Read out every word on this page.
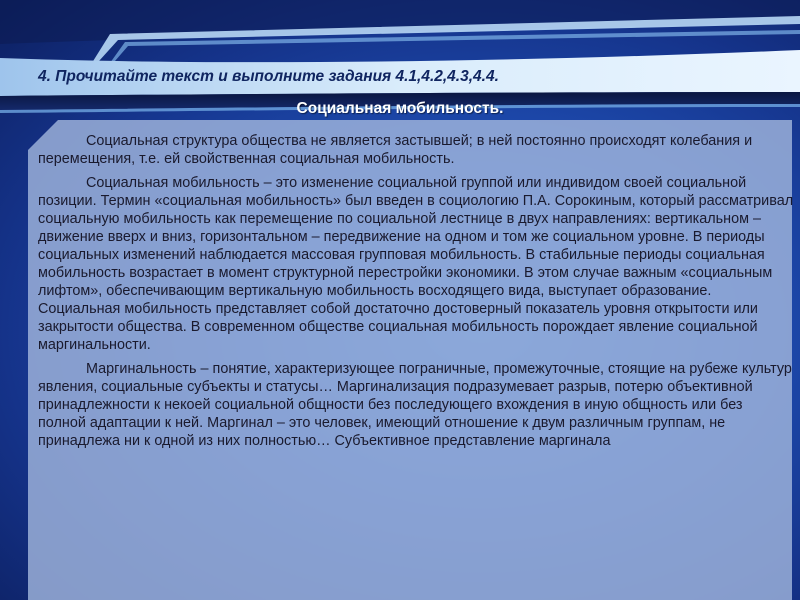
4. Прочитайте текст и выполните задания 4.1,4.2,4.3,4.4.
Социальная мобильность.

Социальная структура общества не является застывшей; в ней постоянно происходят колебания и перемещения, т.е. ей свойственная социальная мобильность.

Социальная мобильность – это изменение социальной группой или индивидом своей социальной позиции. Термин «социальная мобильность» был введен в социологию П.А. Сорокиным, который рассматривал социальную мобильность как перемещение по социальной лестнице в двух направлениях: вертикальном – движение вверх и вниз, горизонтальном – передвижение на одном и том же социальном уровне. В периоды социальных изменений наблюдается массовая групповая мобильность. В стабильные периоды социальная мобильность возрастает в момент структурной перестройки экономики. В этом случае важным «социальным лифтом», обеспечивающим вертикальную мобильность восходящего вида, выступает образование. Социальная мобильность представляет собой достаточно достоверный показатель уровня открытости или закрытости общества. В современном обществе социальная мобильность порождает явление социальной маргинальности.

Маргинальность – понятие, характеризующее пограничные, промежуточные, стоящие на рубеже культур явления, социальные субъекты и статусы… Маргинализация подразумевает разрыв, потерю объективной принадлежности к некоей социальной общности без последующего вхождения в иную общность или без полной адаптации к ней. Маргинал – это человек, имеющий отношение к двум различным группам, не принадлежа ни к одной из них полностью… Субъективное представление маргинала
